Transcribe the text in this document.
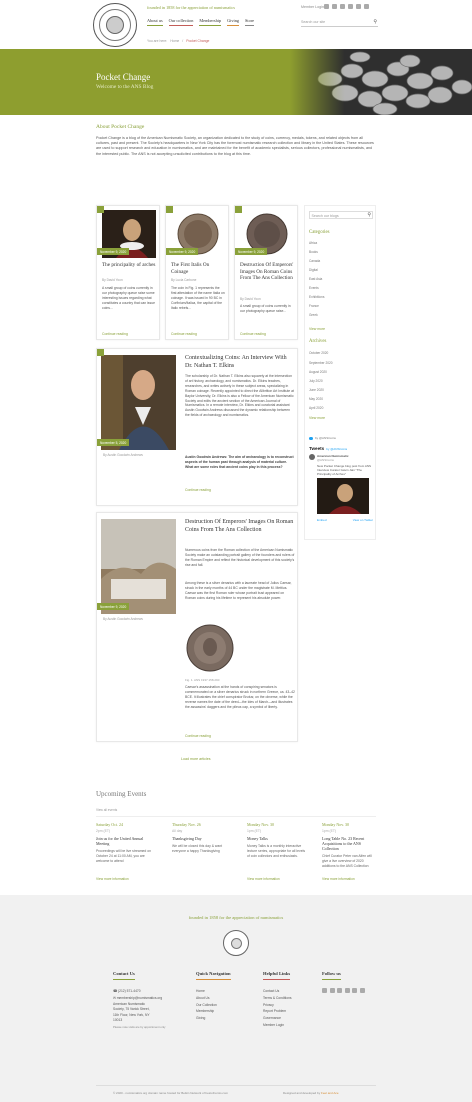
founded in 1858 for the appreciation of numismatics	Member Login
About us Our collection Membership Giving Store	Search our site	⚲
You are here: Home / Pocket Change
Pocket Change
Welcome to the ANS Blog
About Pocket Change

Pocket Change is a blog of the American Numismatic Society, an organization dedicated to the study of coins, currency, medals, tokens, and related objects from all cultures, past and present. The Society's headquarters in New York City has the foremost numismatic research collection and library in the United States. These resources are used to support research and education in numismatics, and are maintained for the benefit of academic specialists, serious collectors, professional numismatists, and the interested public. The ANS is not accepting unsolicited contributions to the blog at this time.

November 9, 2020
The principality of arches
By David Yoon
A small group of coins currently in our photography queue raise some interesting issues regarding what constitutes a country that can issue coins...
Continue reading
November 9, 2020
The First Italis On Coinage
By Lucia Carbone
The coin in Fig. 1 represents the first attestation of the name Italia on coinage. It was issued in 90 BC in Corfinium/Italica, the capital of the Italic rebels...
Continue reading
November 9, 2020
Destruction Of Emperors' Images On Roman Coins From The Ans Collection
By David Yoon
A small group of coins currently in our photography queue raise...
Continue reading
November 5, 2020
By Austin Goodwin Andrews
Contextualizing Coins: An Interview With Dr. Nathan T. Elkins
The scholarship of Dr. Nathan T. Elkins also squarely at the intersection of art history, archaeology, and numismatics. Dr. Elkins teaches, researches, and writes actively in these subject areas, specializing in Roman coinage. Recently appointed to direct the Allbritton Art Institute at Baylor University, Dr. Elkins is also a Fellow of the American Numismatic Society and edits the ancient section of the American Journal of Numismatics. In a remote interview, Dr. Elkins and curatorial assistant Austin Goodwin Andrews discussed the dynamic relationship between the fields of archaeology and numismatics.
Austin Goodwin Andrews: The aim of archaeology is to reconstruct aspects of the human past through analysis of material culture. What are some roles that ancient coins play in this process?
Continue reading
November 9, 2020
By Austin Goodwin Andrews
Destruction Of Emperors' Images On Roman Coins From The Ans Collection
Numerous coins from the Roman collection of the American Numismatic Society make an outstanding portrait gallery of the founders and rulers of the Roman Empire and reflect the historical development of this society's rise and fall.
Among these is a silver denarius with a laureate head of Julius Caesar, struck in the early months of 44 BC under the magistrate M. Mettius. Caesar was the first Roman ruler whose portrait bust appeared on Roman coins during his lifetime to represent his absolute power.
Fig. 1. ANS 1937.158.290
Caesar's assassination at the hands of conspiring senators is commemorated on a silver denarius struck in northern Greece, ca. 43–42 BCE. It illustrates the chief conspirator Brutus; on the obverse, while the reverse names the date of the deed—the Ides of March—and illustrates the assassins' daggers and the pileus cap, a symbol of liberty.
Continue reading
Load more articles
Search our blogs	⚲
Categories
Africa
Books
Canada
Digital
East Asia
Events
Exhibitions
France
Greek
View more
Archives
October 2020
September 2020
August 2020
July 2020
June 2020
May 2020
April 2020
View more
by @ANSCoins
Tweets by @ANSCoins
American Numismatic
@ANSCoins
New Pocket Change blog post from ANS Interview Curator Gavin Jain "The Principality of Arches"
Embed	View on Twitter
Upcoming Events
View all events
Saturday Oct. 24
2pm (ET)
Join us for the United Annual Meeting
Proceedings will be live streamed on October 24 at 11:00 AM, you are welcome to attend
View more information
Thursday Nov. 26
All day
Thanksgiving Day
We will be closed this day & want everyone a happy Thanksgiving
Monday Nov. 30
1pm (ET)
Money Talks
Money Talks is a monthly interactive lecture series, appropriate for all levels of coin collectors and enthusiasts.
View more information
Monday Nov. 30
1pm (ET)
Long Table No. 23 Recent Acquisitions to the ANS Collection
Chief Curator Peter van Alfen will give a live overview of 2020 additions to the ANS Collection
View more information
founded in 1858 for the appreciation of numismatics
Contact Us
☎ (212) 571-4470
✉ membership@numismatics.org
American Numismatic Society, 75 Varick Street, 11th Floor, New York, NY 10013
Please note visits are by appointment only
Quick Navigation
Home
About Us
Our Collection
Membership
Giving
Helpful Links
Contact Us
Terms & Conditions
Privacy
Report Problem
Governance
Member Login
Follow us
© 2020 - numismatics.org domain name hosted for Beikin Network of bestofnumis.com	Designed and developed by Feel and Ace
